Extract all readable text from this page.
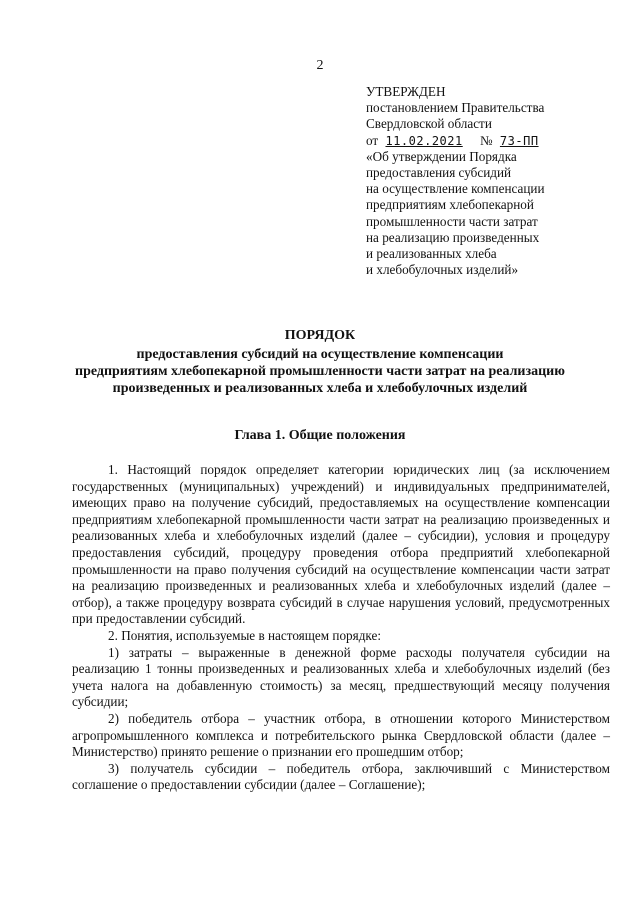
2
УТВЕРЖДЕН
постановлением Правительства
Свердловской области
от 11.02.2021 № 73-ПП
«Об утверждении Порядка
предоставления субсидий
на осуществление компенсации
предприятиям хлебопекарной
промышленности части затрат
на реализацию произведенных
и реализованных хлеба
и хлебобулочных изделий»
ПОРЯДОК
предоставления субсидий на осуществление компенсации
предприятиям хлебопекарной промышленности части затрат на реализацию
произведенных и реализованных хлеба и хлебобулочных изделий
Глава 1. Общие положения

1. Настоящий порядок определяет категории юридических лиц (за исключением государственных (муниципальных) учреждений) и индивидуальных предпринимателей, имеющих право на получение субсидий, предоставляемых на осуществление компенсации предприятиям хлебопекарной промышленности части затрат на реализацию произведенных и реализованных хлеба и хлебобулочных изделий (далее – субсидии), условия и процедуру предоставления субсидий, процедуру проведения отбора предприятий хлебопекарной промышленности на право получения субсидий на осуществление компенсации части затрат на реализацию произведенных и реализованных хлеба и хлебобулочных изделий (далее – отбор), а также процедуру возврата субсидий в случае нарушения условий, предусмотренных при предоставлении субсидий.

2. Понятия, используемые в настоящем порядке:

1) затраты – выраженные в денежной форме расходы получателя субсидии на реализацию 1 тонны произведенных и реализованных хлеба и хлебобулочных изделий (без учета налога на добавленную стоимость) за месяц, предшествующий месяцу получения субсидии;

2) победитель отбора – участник отбора, в отношении которого Министерством агропромышленного комплекса и потребительского рынка Свердловской области (далее – Министерство) принято решение о признании его прошедшим отбор;

3) получатель субсидии – победитель отбора, заключивший с Министерством соглашение о предоставлении субсидии (далее – Соглашение);
